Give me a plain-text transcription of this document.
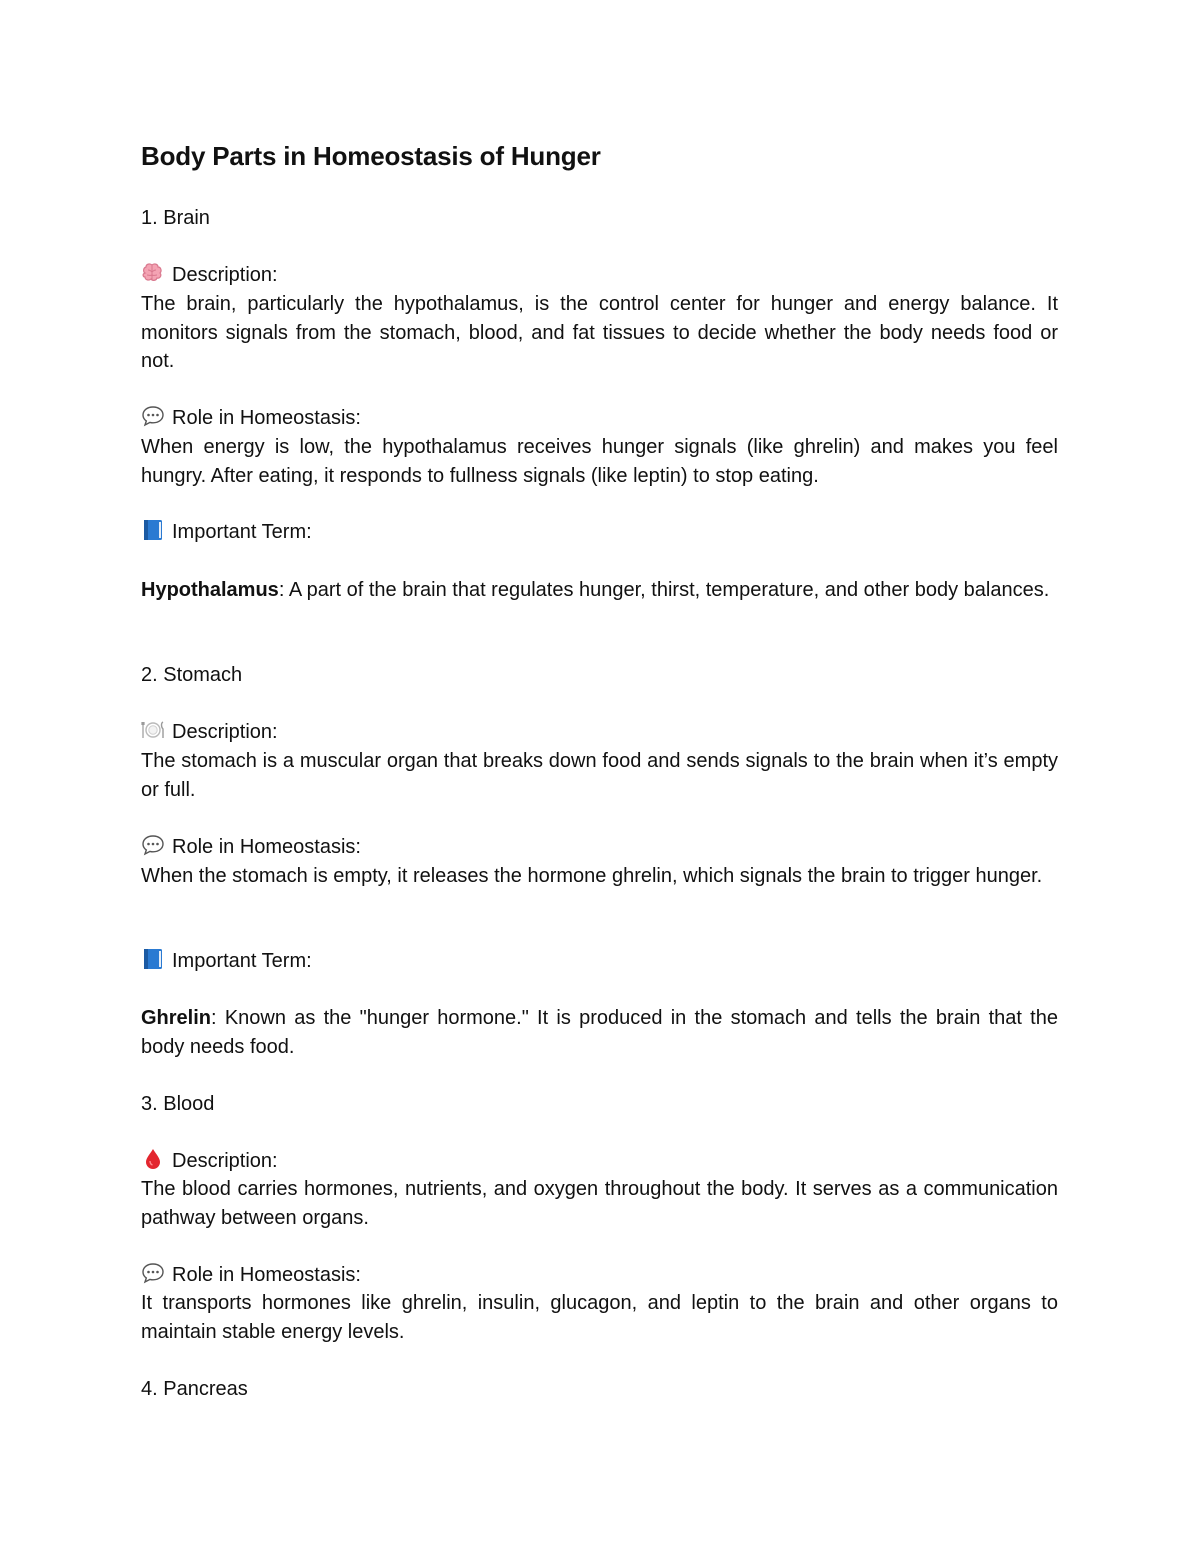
Body Parts in Homeostasis of Hunger
1. Brain
Description:
The brain, particularly the hypothalamus, is the control center for hunger and energy balance. It monitors signals from the stomach, blood, and fat tissues to decide whether the body needs food or not.
Role in Homeostasis:
When energy is low, the hypothalamus receives hunger signals (like ghrelin) and makes you feel hungry. After eating, it responds to fullness signals (like leptin) to stop eating.
Important Term:
Hypothalamus: A part of the brain that regulates hunger, thirst, temperature, and other body balances.
2. Stomach
Description:
The stomach is a muscular organ that breaks down food and sends signals to the brain when it’s empty or full.
Role in Homeostasis:
When the stomach is empty, it releases the hormone ghrelin, which signals the brain to trigger hunger.
Important Term:
Ghrelin: Known as the "hunger hormone." It is produced in the stomach and tells the brain that the body needs food.
3. Blood
Description:
The blood carries hormones, nutrients, and oxygen throughout the body. It serves as a communication pathway between organs.
Role in Homeostasis:
It transports hormones like ghrelin, insulin, glucagon, and leptin to the brain and other organs to maintain stable energy levels.
4. Pancreas
